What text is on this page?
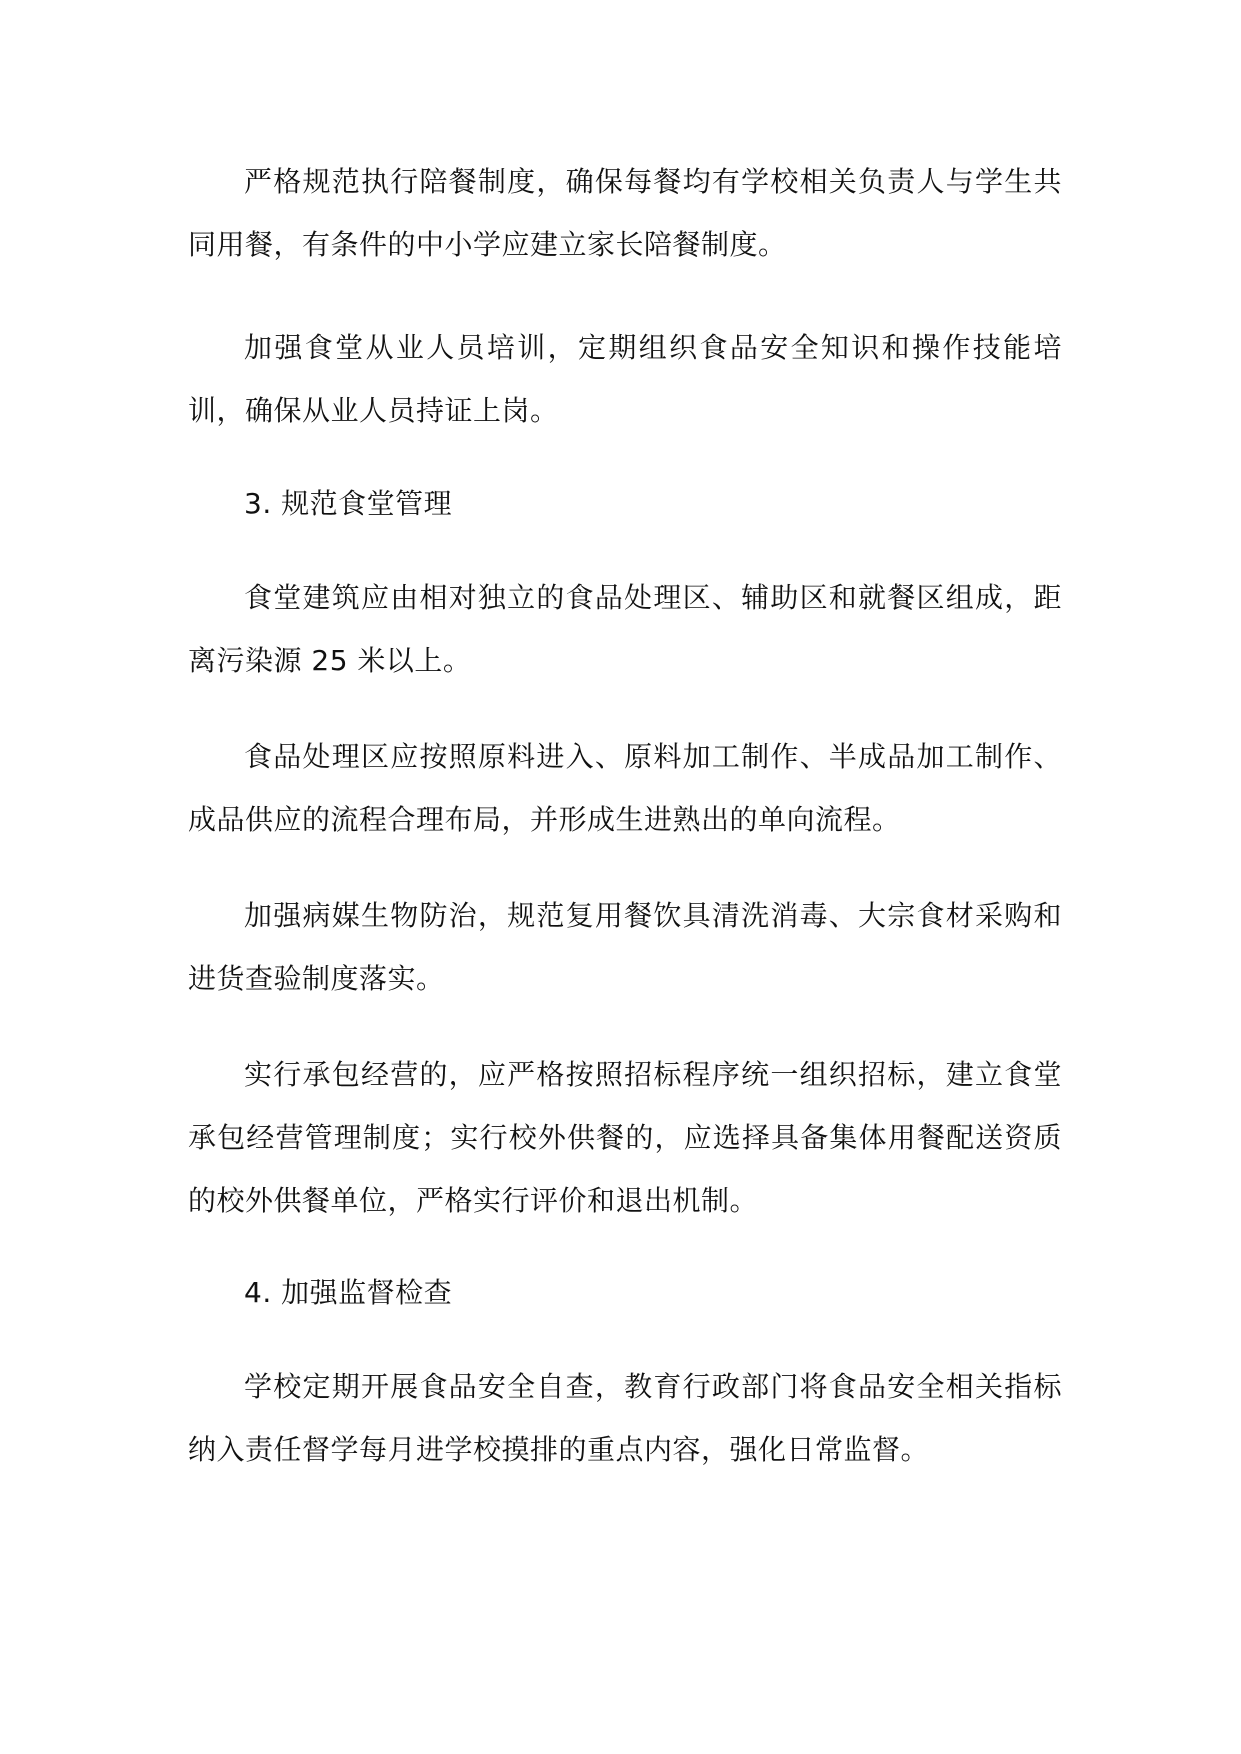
严格规范执行陪餐制度，确保每餐均有学校相关负责人与学生共同用餐，有条件的中小学应建立家长陪餐制度。

加强食堂从业人员培训，定期组织食品安全知识和操作技能培训，确保从业人员持证上岗。

3. 规范食堂管理

食堂建筑应由相对独立的食品处理区、辅助区和就餐区组成，距离污染源 25 米以上。

食品处理区应按照原料进入、原料加工制作、半成品加工制作、成品供应的流程合理布局，并形成生进熟出的单向流程。

加强病媒生物防治，规范复用餐饮具清洗消毒、大宗食材采购和进货查验制度落实。

实行承包经营的，应严格按照招标程序统一组织招标，建立食堂承包经营管理制度；实行校外供餐的，应选择具备集体用餐配送资质的校外供餐单位，严格实行评价和退出机制。

4. 加强监督检查

学校定期开展食品安全自查，教育行政部门将食品安全相关指标纳入责任督学每月进学校摸排的重点内容，强化日常监督。
